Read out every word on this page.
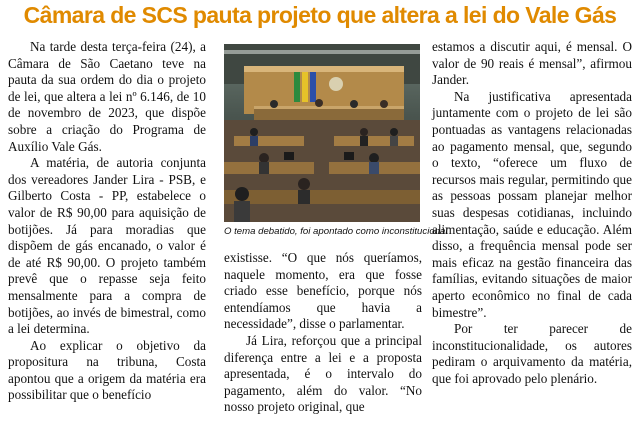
Câmara de SCS pauta projeto que altera a lei do Vale Gás

Na tarde desta terça-feira (24), a Câmara de São Caetano teve na pauta da sua ordem do dia o projeto de lei, que altera a lei nº 6.146, de 10 de novembro de 2023, que dispõe sobre a criação do Programa de Auxílio Vale Gás.

A matéria, de autoria conjunta dos vereadores Jander Lira - PSB, e Gilberto Costa - PP, estabelece o valor de R$ 90,00 para aquisição de botijões. Já para moradias que dispõem de gás encanado, o valor é de até R$ 90,00. O projeto também prevê que o repasse seja feito mensalmente para a compra de botijões, ao invés de bimestral, como a lei determina.

Ao explicar o objetivo da propositura na tribuna, Costa apontou que a origem da matéria era possibilitar que o benefício

O tema debatido, foi apontado como inconstitucional

existisse. “O que nós queríamos, naquele momento, era que fosse criado esse benefício, porque nós entendíamos que havia a necessidade”, disse o parlamentar.

Já Lira, reforçou que a principal diferença entre a lei e a proposta apresentada, é o intervalo do pagamento, além do valor. “No nosso projeto original, que

estamos a discutir aqui, é mensal. O valor de 90 reais é mensal”, afirmou Jander.

Na justificativa apresentada juntamente com o projeto de lei são pontuadas as vantagens relacionadas ao pagamento mensal, que, segundo o texto, “oferece um fluxo de recursos mais regular, permitindo que as pessoas possam planejar melhor suas despesas cotidianas, incluindo alimentação, saúde e educação. Além disso, a frequência mensal pode ser mais eficaz na gestão financeira das famílias, evitando situações de maior aperto econômico no final de cada bimestre”.

Por ter parecer de inconstitucionalidade, os autores pediram o arquivamento da matéria, que foi aprovado pelo plenário.
